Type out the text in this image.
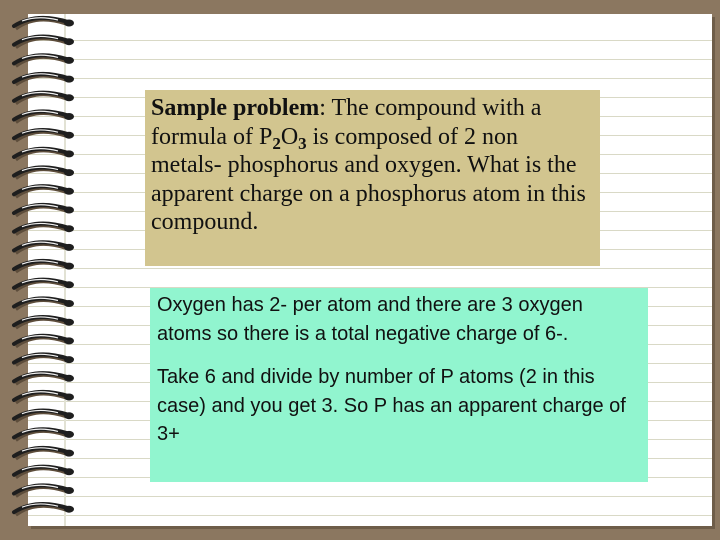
Sample problem: The compound with a formula of $P_2O_3$ is composed of 2 non metals- phosphorus and oxygen. What is the apparent charge on a phosphorus atom in this compound.

Oxygen has 2- per atom and there are 3 oxygen atoms so there is a total negative charge of 6-.

Take 6 and divide by number of P atoms (2 in this case) and you get 3. So P has an apparent charge of 3+
